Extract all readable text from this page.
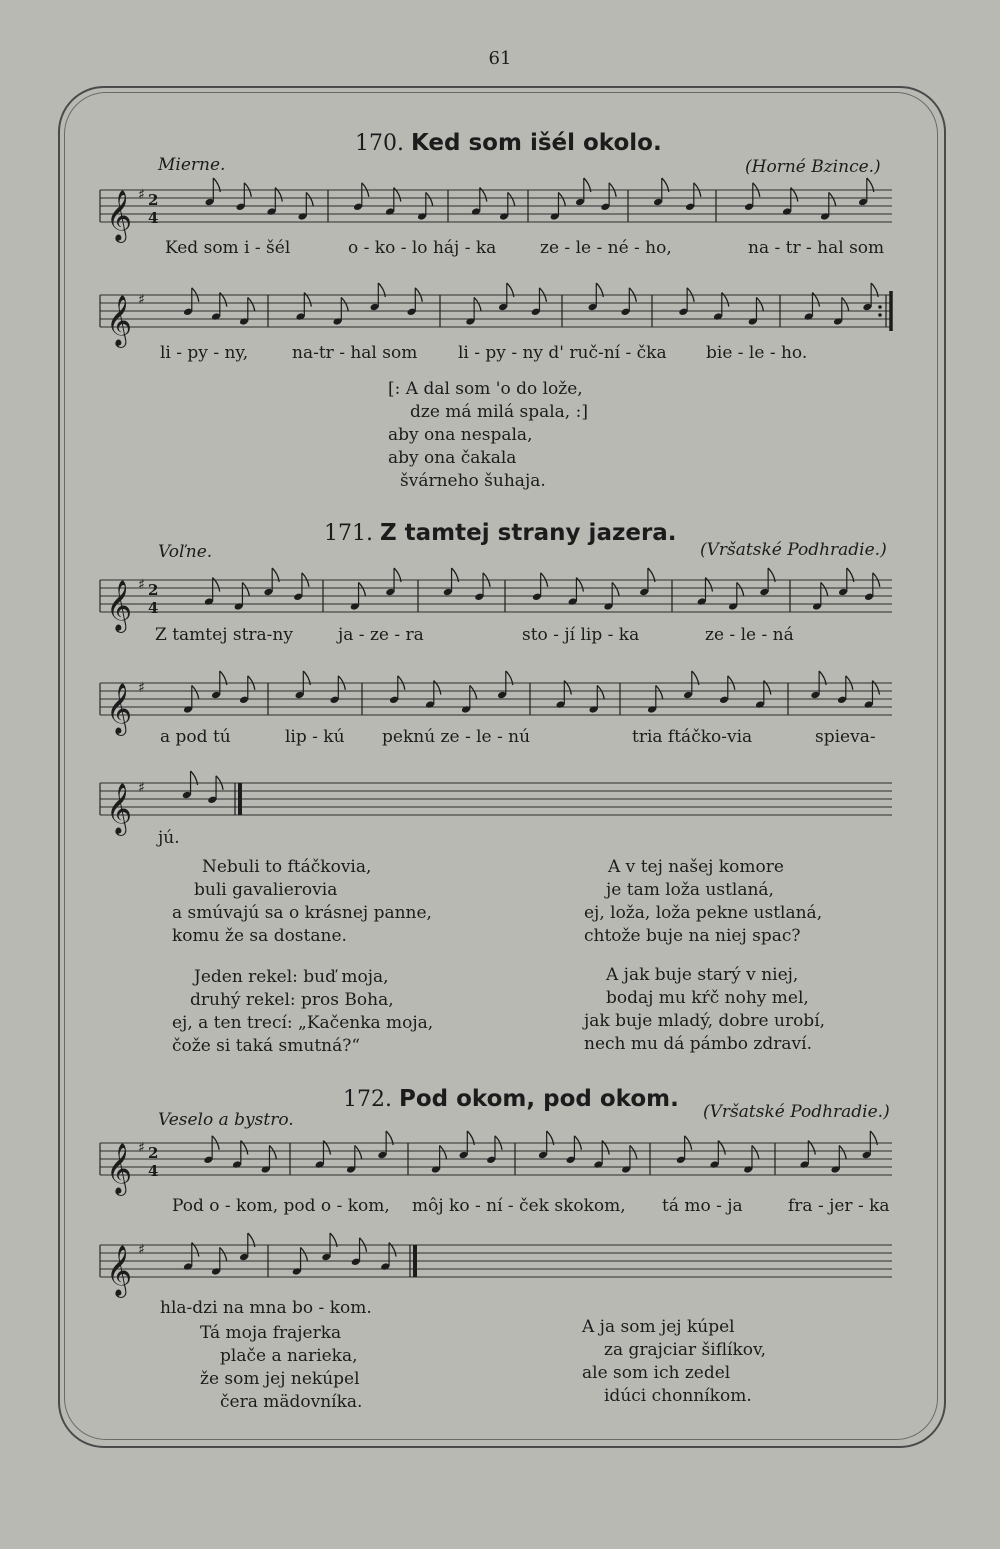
61
𝄞 ♯ 2
4
𝄞 ♯
𝄞 ♯ 2
4
𝄞 ♯
𝄞 ♯
𝄞 ♯ 2
4
𝄞 ♯
170. Ked som išél okolo.
Mierne.	(Horné Bzince.)
Ked som i - šél	o - ko - lo háj - ka	ze - le - né - ho,	na - tr - hal som
li - py - ny,	na-tr - hal som li - py - ny d' ruč-ní - čka bie - le - ho.
[: A dal som 'o do lože,
dze má milá spala, :]
aby ona nespala,
aby ona čakala
švárneho šuhaja.
171. Z tamtej strany jazera.
Voľne.	(Vršatské Podhradie.)
Z tamtej stra-ny	ja - ze - ra	sto - jí lip - ka	ze - le - ná
a pod tú	lip - kú peknú ze - le - nú	tria ftáčko-via	spieva-
jú.
Nebuli to ftáčkovia,
buli gavalierovia
a smúvajú sa o krásnej panne,
komu že sa dostane.
A v tej našej komore
je tam loža ustlaná,
ej, loža, loža pekne ustlaná,
chtože buje na niej spac?
Jeden rekel: buď moja,
druhý rekel: pros Boha,
ej, a ten trecí: „Kačenka moja,
čože si taká smutná?“
A jak buje starý v niej,
bodaj mu kŕč nohy mel,
jak buje mladý, dobre urobí,
nech mu dá pámbo zdraví.
172. Pod okom, pod okom.
Veselo a bystro.	(Vršatské Podhradie.)
Pod o - kom, pod o - kom, môj ko - ní - ček skokom, tá mo - ja	fra - jer - ka
hla-dzi na mna bo - kom.
Tá moja frajerka
plače a narieka,
že som jej nekúpel
čera mädovníka.
A ja som jej kúpel
za grajciar šiflíkov,
ale som ich zedel
idúci chonníkom.
